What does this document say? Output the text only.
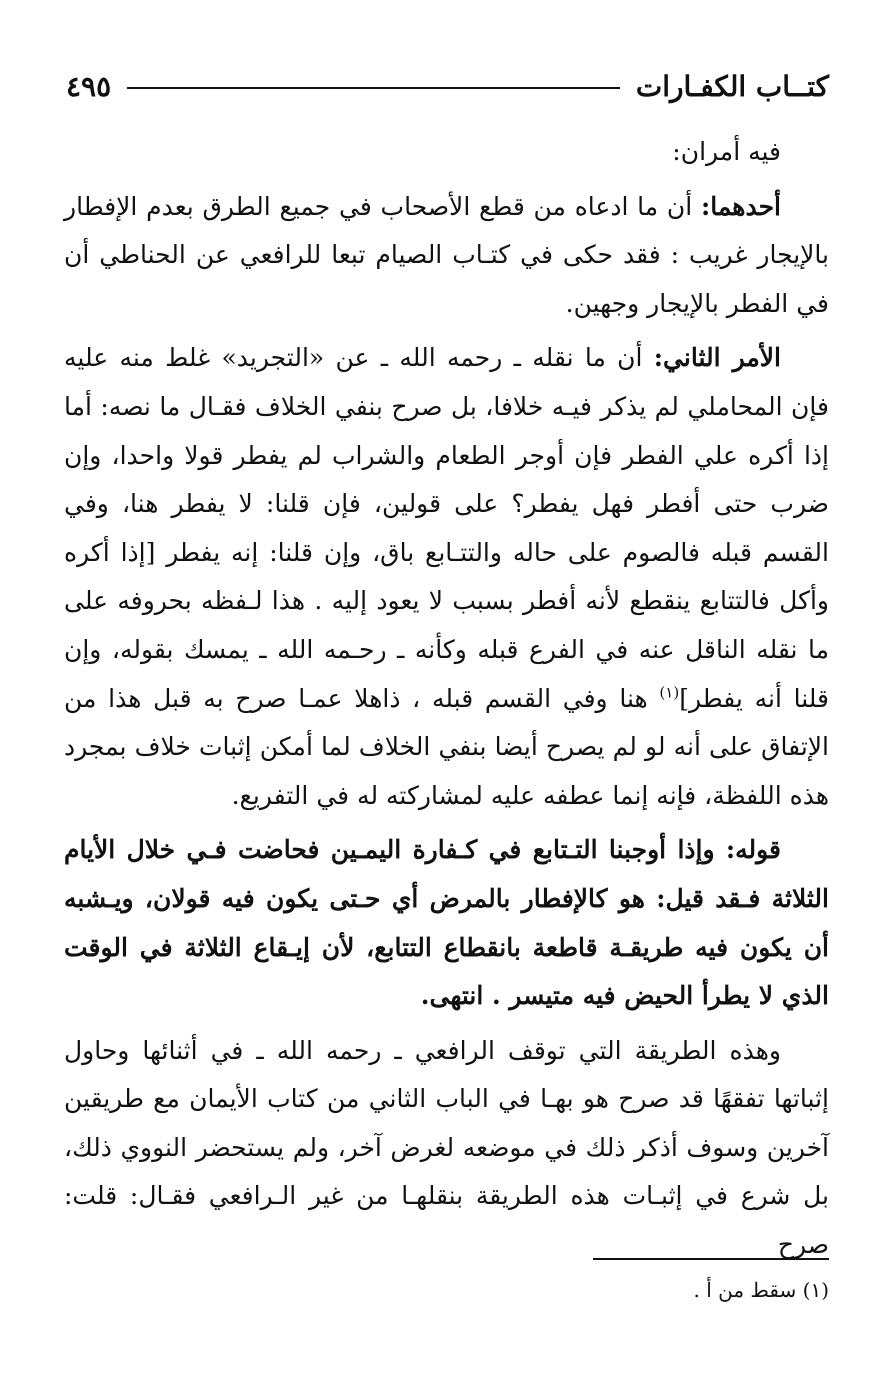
كتــاب الكفـارات
٤٩٥

فيه أمران:

أحدهما: أن ما ادعاه من قطع الأصحاب في جميع الطرق بعدم الإفطار بالإيجار غريب : فقد حكى في كتـاب الصيام تبعا للرافعي عن الحناطي أن في الفطر بالإيجار وجهين.

الأمر الثاني: أن ما نقله ـ رحمه الله ـ عن «التجريد» غلط منه عليه فإن المحاملي لم يذكر فيـه خلافا، بل صرح بنفي الخلاف فقـال ما نصه: أما إذا أكره علي الفطر فإن أوجر الطعام والشراب لم يفطر قولا واحدا، وإن ضرب حتى أفطر فهل يفطر؟ على قولين، فإن قلنا: لا يفطر هنا، وفي القسم قبله فالصوم على حاله والتتـابع باق، وإن قلنا: إنه يفطر [إذا أكره وأكل فالتتابع ينقطع لأنه أفطر بسبب لا يعود إليه . هذا لـفظه بحروفه على ما نقله الناقل عنه في الفرع قبله وكأنه ـ رحـمه الله ـ يمسك بقوله، وإن قلنا أنه يفطر]$^{(١)}$ هنا وفي القسم قبله ، ذاهلا عمـا صرح به قبل هذا من الإتفاق على أنه لو لم يصرح أيضا بنفي الخلاف لما أمكن إثبات خلاف بمجرد هذه اللفظة، فإنه إنما عطفه عليه لمشاركته له في التفريع.

قوله: وإذا أوجبنا التـتابع في كـفارة اليمـين فحاضت فـي خلال الأيام الثلاثة فـقد قيل: هو كالإفطار بالمرض أي حـتى يكون فيه قولان، ويـشبه أن يكون فيه طريقـة قاطعة بانقطاع التتابع، لأن إيـقاع الثلاثة في الوقت الذي لا يطرأ الحيض فيه متيسر . انتهى.

وهذه الطريقة التي توقف الرافعي ـ رحمه الله ـ في أثنائها وحاول إثباتها تفقهًا قد صرح هو بهـا في الباب الثاني من كتاب الأيمان مع طريقين آخرين وسوف أذكر ذلك في موضعه لغرض آخر، ولم يستحضر النووي ذلك، بل شرع في إثبـات هذه الطريقة بنقلهـا من غير الـرافعي فقـال: قلت: صرح

(١) سقط من أ .
